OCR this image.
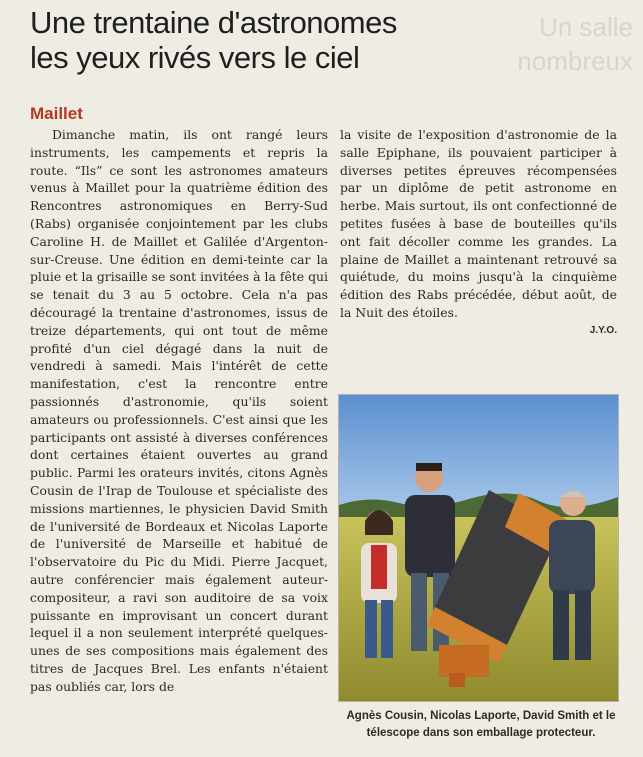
Un salle nombreux
Une trentaine d'astronomes
les yeux rivés vers le ciel
Maillet

Dimanche matin, ils ont rangé leurs instruments, les campements et repris la route. “Ils” ce sont les astronomes amateurs venus à Maillet pour la quatrième édition des Rencontres astronomiques en Berry-Sud (Rabs) organisée conjointement par les clubs Caroline H. de Maillet et Galilée d'Argenton-sur-Creuse. Une édition en demi-teinte car la pluie et la grisaille se sont invitées à la fête qui se tenait du 3 au 5 octobre. Cela n'a pas découragé la trentaine d'astronomes, issus de treize départements, qui ont tout de même profité d'un ciel dégagé dans la nuit de vendredi à samedi. Mais l'intérêt de cette manifestation, c'est la rencontre entre passionnés d'astronomie, qu'ils soient amateurs ou professionnels. C'est ainsi que les participants ont assisté à diverses conférences dont certaines étaient ouvertes au grand public. Parmi les orateurs invités, citons Agnès Cousin de l'Irap de Toulouse et spécialiste des missions martiennes, le physicien David Smith de l'université de Bordeaux et Nicolas Laporte de l'université de Marseille et habitué de l'observatoire du Pic du Midi. Pierre Jacquet, autre conférencier mais également auteur-compositeur, a ravi son auditoire de sa voix puissante en improvisant un concert durant lequel il a non seulement interprété quelques-unes de ses compositions mais également des titres de Jacques Brel. Les enfants n'étaient pas oubliés car, lors de

la visite de l'exposition d'astronomie de la salle Epiphane, ils pouvaient participer à diverses petites épreuves récompensées par un diplôme de petit astronome en herbe. Mais surtout, ils ont confectionné de petites fusées à base de bouteilles qu'ils ont fait décoller comme les grandes. La plaine de Maillet a maintenant retrouvé sa quiétude, du moins jusqu'à la cinquième édition des Rabs précédée, début août, de la Nuit des étoiles.

J.Y.O.
Agnès Cousin, Nicolas Laporte, David Smith et le télescope dans son emballage protecteur.
